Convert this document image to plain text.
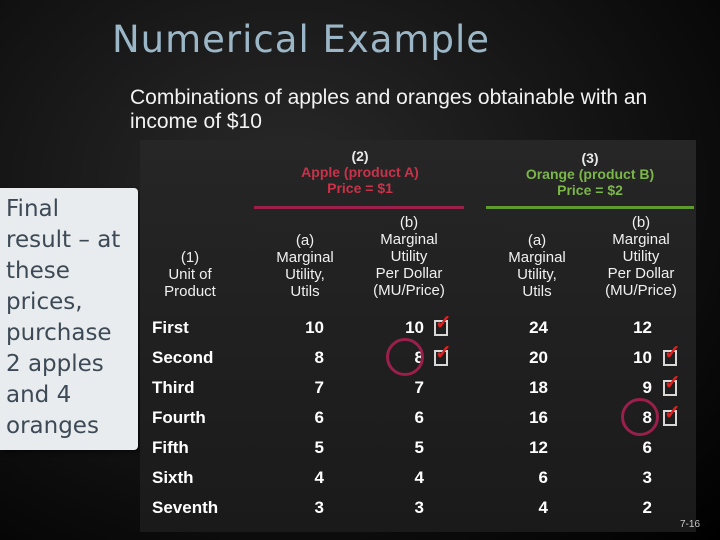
Numerical Example
Combinations of apples and oranges obtainable with an income of $10
Final
result – at
these
prices,
purchase
2 apples
and 4
oranges
(2)
Apple (product A)
Price = $1
(3)
Orange (product B)
Price = $2
(1)
Unit of
Product
(a)
Marginal
Utility,
Utils
(b)
Marginal
Utility
Per Dollar
(MU/Price)
(a)
Marginal
Utility,
Utils
(b)
Marginal
Utility
Per Dollar
(MU/Price)
First	10	10	24	12
Second	8	8	20	10
Third	7	7	18	9
Fourth	6	6	16	8
Fifth	5	5	12	6
Sixth	4	4	6	3
Seventh	3	3	4	2
✓
✓	✓
✓
✓
7-16
